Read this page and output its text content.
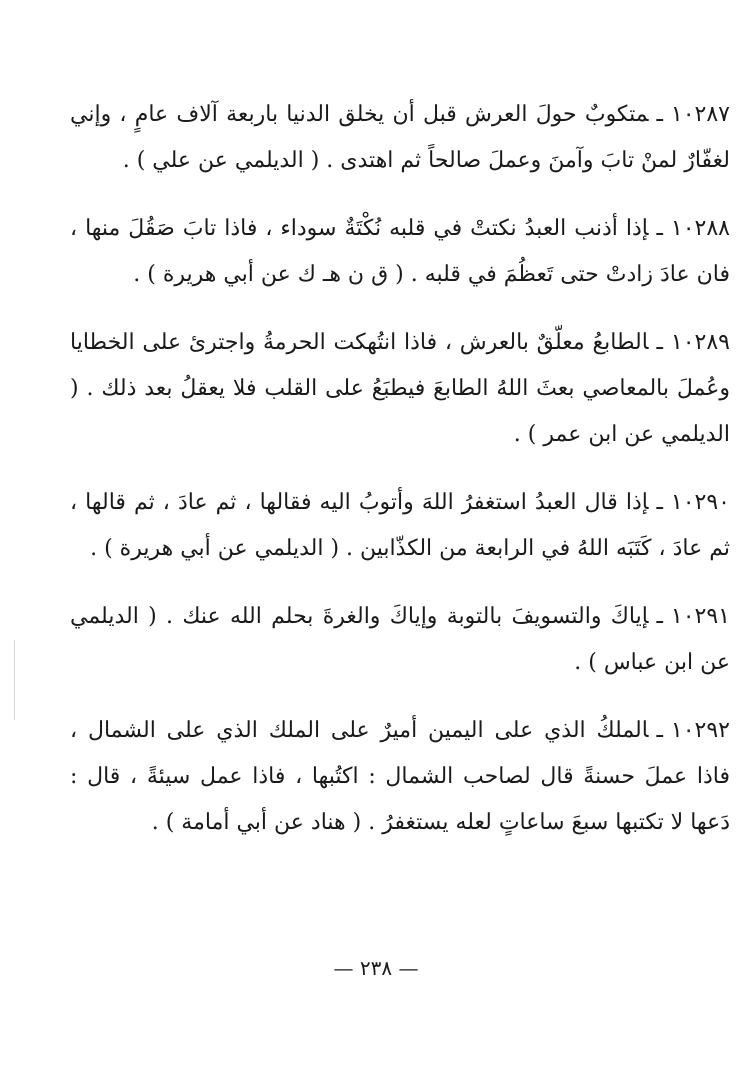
١٠٢٨٧ـمتكوبٌ حولَ العرش قبل أن يخلق الدنيا باربعة آلاف عامٍ ، وإني لغفّارٌ لمنْ تابَ وآمنَ وعملَ صالحاً ثم اهتدى . ( الديلمي عن علي ) .

١٠٢٨٨ـإذا أذنب العبدُ نكتتْ في قلبه نُكْتَةٌ سوداء ، فاذا تابَ صَقُلَ منها ، فان عادَ زادتْ حتى تَعظُمَ في قلبه . ( ق ن هـ ك عن أبي هريرة ) .

١٠٢٨٩ـالطابعُ معلّقٌ بالعرش ، فاذا انتُهكت الحرمةُ واجترئ على الخطايا وعُملَ بالمعاصي بعثَ اللهُ الطابعَ فيطبَعُ على القلب فلا يعقلُ بعد ذلك . ( الديلمي عن ابن عمر ) .

١٠٢٩٠ـإذا قال العبدُ استغفرُ اللهَ وأتوبُ اليه فقالها ، ثم عادَ ، ثم قالها ، ثم عادَ ، كَتَبَه اللهُ في الرابعة من الكذّابين . ( الديلمي عن أبي هريرة ) .

١٠٢٩١ـإياكَ والتسويفَ بالتوبة وإياكَ والغرةَ بحلم الله عنك . ( الديلمي عن ابن عباس ) .

١٠٢٩٢ـالملكُ الذي على اليمين أميرٌ على الملك الذي على الشمال ، فاذا عملَ حسنةً قال لصاحب الشمال : اكتُبها ، فاذا عمل سيئةً ، قال : دَعها لا تكتبها سبعَ ساعاتٍ لعله يستغفرُ . ( هناد عن أبي أمامة ) .

— ٢٣٨ —
